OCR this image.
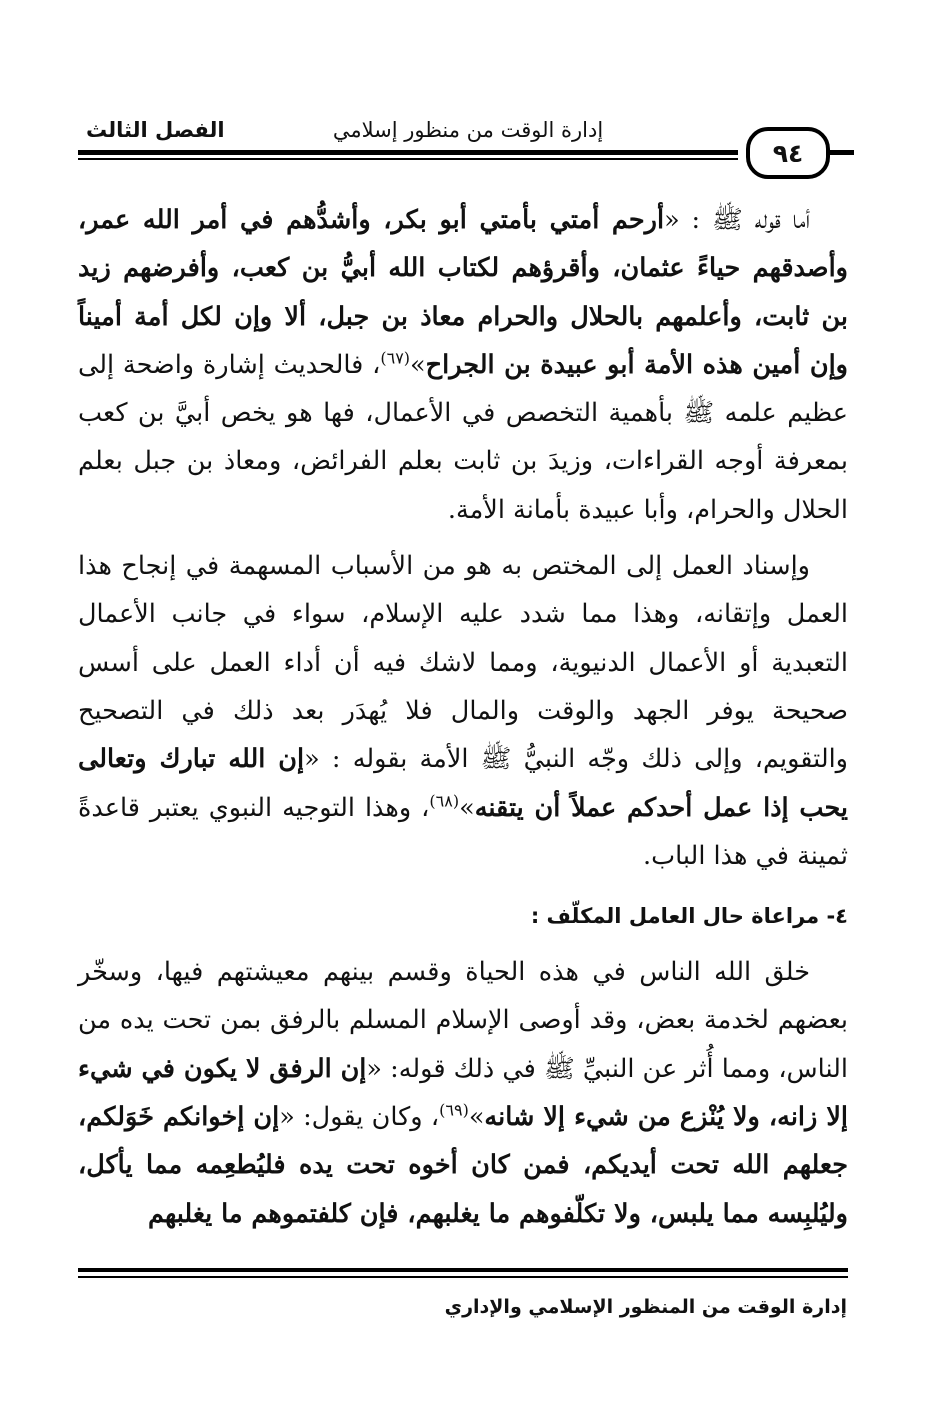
الفصل الثالث	إدارة الوقت من منظور إسلامي
٩٤

أما قوله ﷺ : «أرحم أمتي بأمتي أبو بكر، وأشدُّهم في أمر الله عمر، وأصدقهم حياءً عثمان، وأقرؤهم لكتاب الله أبيُّ بن كعب، وأفرضهم زيد بن ثابت، وأعلمهم بالحلال والحرام معاذ بن جبل، ألا وإن لكل أمة أميناً وإن أمين هذه الأمة أبو عبيدة بن الجراح»$^{(٦٧)}$، فالحديث إشارة واضحة إلى عظيم علمه ﷺ بأهمية التخصص في الأعمال، فها هو يخص أبيَّ بن كعب بمعرفة أوجه القراءات، وزيدَ بن ثابت بعلم الفرائض، ومعاذ بن جبل بعلم الحلال والحرام، وأبا عبيدة بأمانة الأمة.

وإسناد العمل إلى المختص به هو من الأسباب المسهمة في إنجاح هذا العمل وإتقانه، وهذا مما شدد عليه الإسلام، سواء في جانب الأعمال التعبدية أو الأعمال الدنيوية، ومما لاشك فيه أن أداء العمل على أسس صحيحة يوفر الجهد والوقت والمال فلا يُهدَر بعد ذلك في التصحيح والتقويم، وإلى ذلك وجّه النبيُّ ﷺ الأمة بقوله : «إن الله تبارك وتعالى يحب إذا عمل أحدكم عملاً أن يتقنه»$^{(٦٨)}$، وهذا التوجيه النبوي يعتبر قاعدةً ثمينة في هذا الباب.

٤- مراعاة حال العامل المكلّف :

خلق الله الناس في هذه الحياة وقسم بينهم معيشتهم فيها، وسخّر بعضهم لخدمة بعض، وقد أوصى الإسلام المسلم بالرفق بمن تحت يده من الناس، ومما أُثر عن النبيِّ ﷺ في ذلك قوله: «إن الرفق لا يكون في شيء إلا زانه، ولا يُنْزع من شيء إلا شانه»$^{(٦٩)}$، وكان يقول: «إن إخوانكم خَوَلكم، جعلهم الله تحت أيديكم، فمن كان أخوه تحت يده فليُطعِمه مما يأكل، وليُلبِسه مما يلبس، ولا تكلّفوهم ما يغلبهم، فإن كلفتموهم ما يغلبهم

إدارة الوقت من المنظور الإسلامي والإداري
